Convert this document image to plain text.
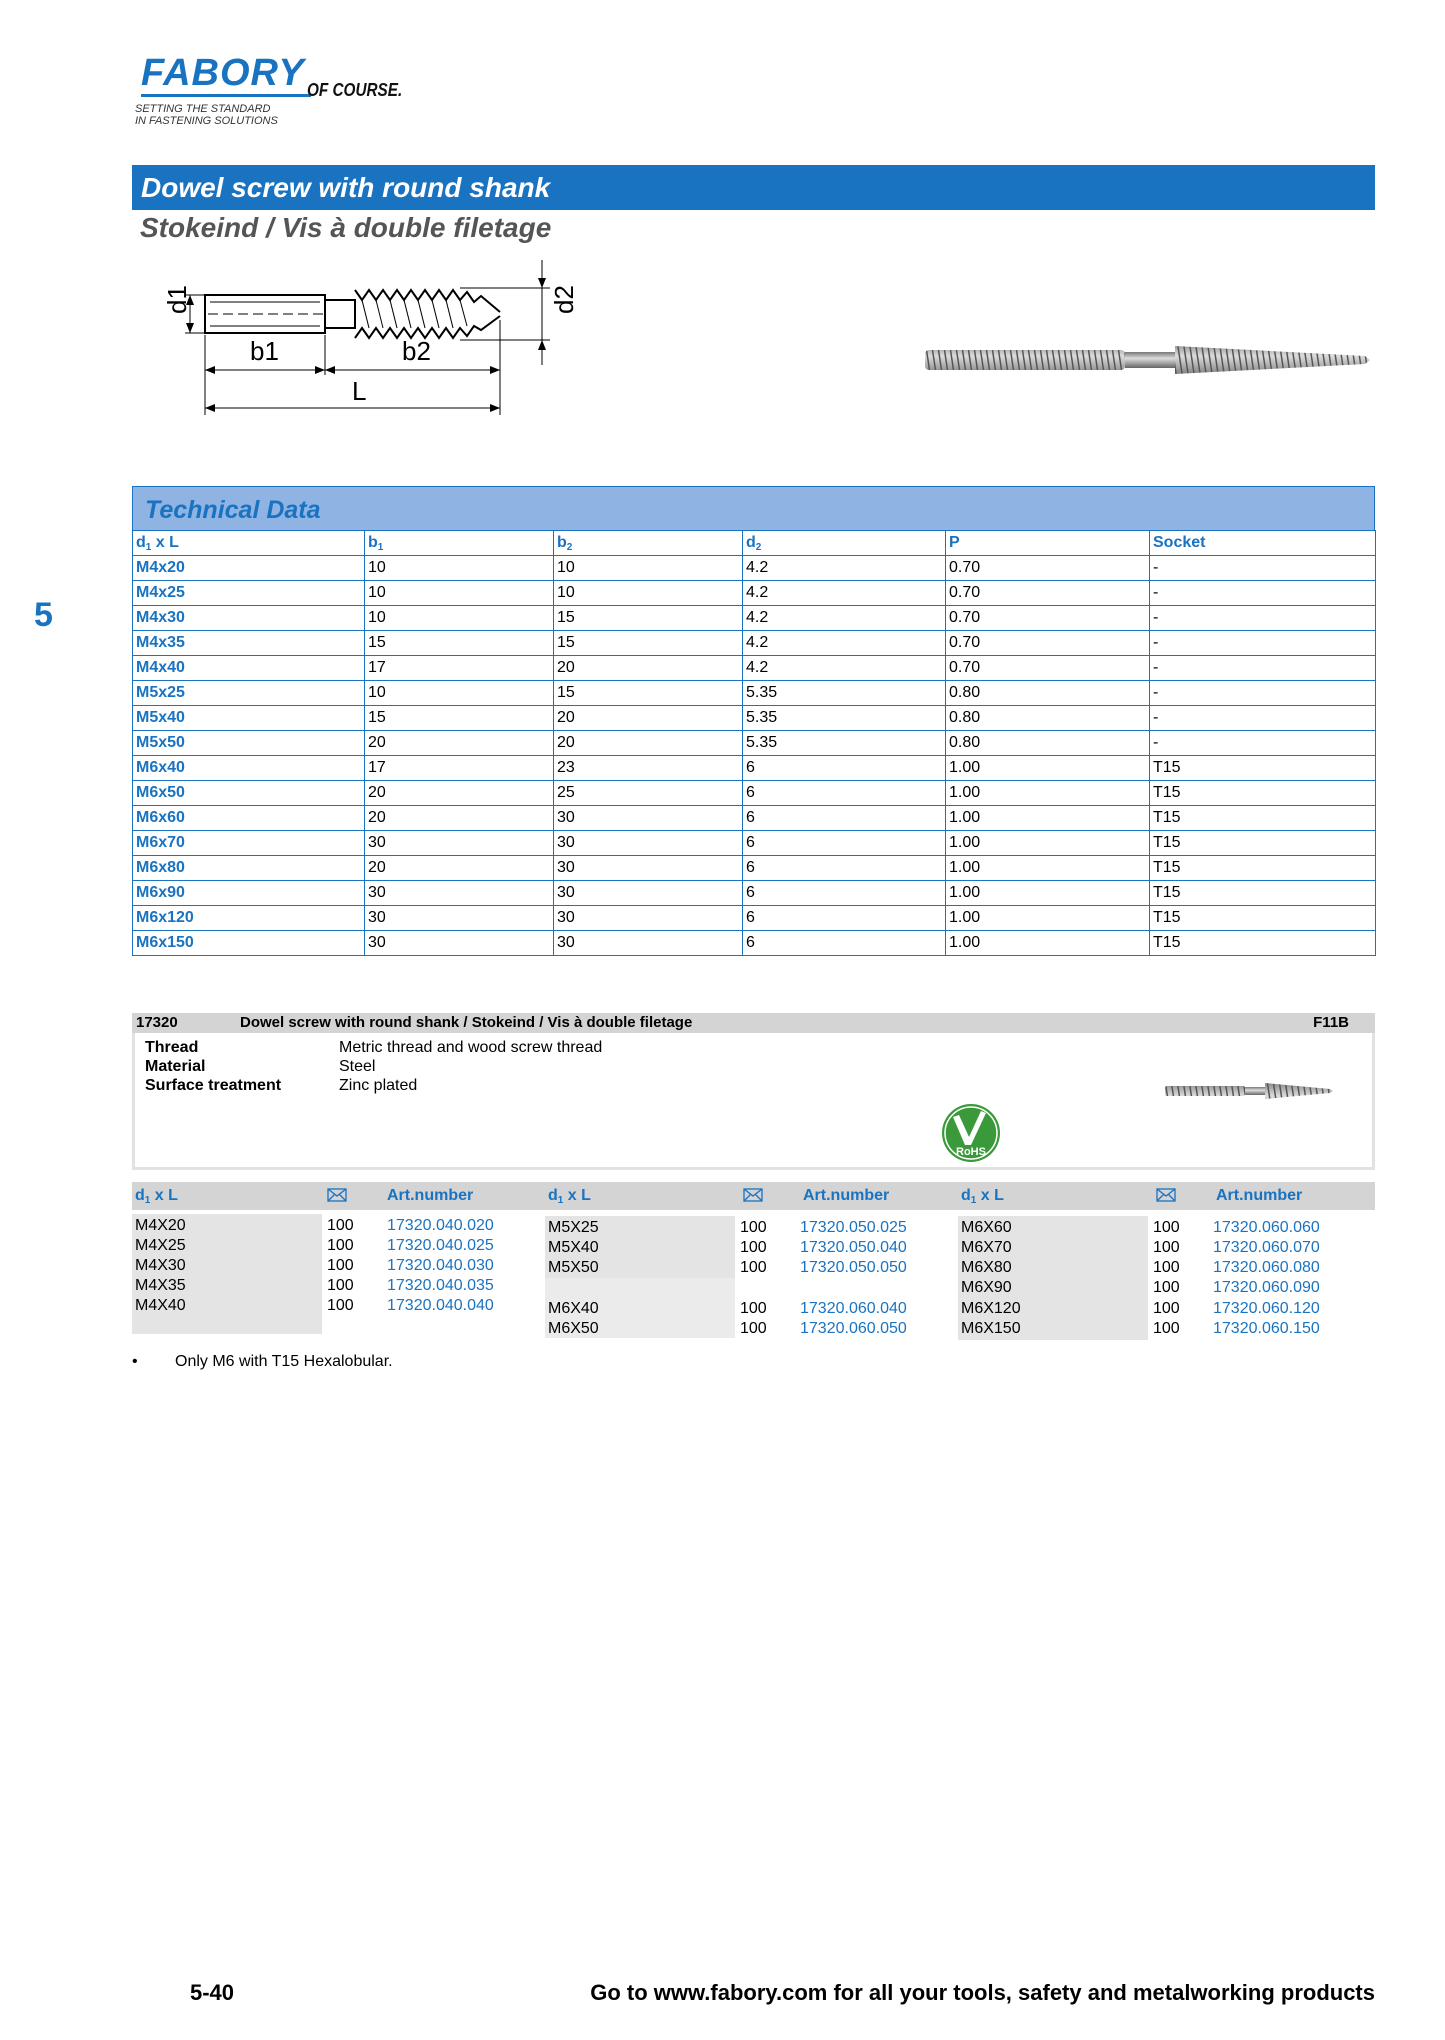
FABORY OF COURSE.
SETTING THE STANDARD
IN FASTENING SOLUTIONS
Dowel screw with round shank
Stokeind / Vis à double filetage
d1
b1	b2
L
d2
5
Technical Data
$d_1$ x L	$b_1$	$b_2$	$d_2$	P	Socket
M4x20	10	10	4.2	0.70	-
M4x25	10	10	4.2	0.70	-
M4x30	10	15	4.2	0.70	-
M4x35	15	15	4.2	0.70	-
M4x40	17	20	4.2	0.70	-
M5x25	10	15	5.35	0.80	-
M5x40	15	20	5.35	0.80	-
M5x50	20	20	5.35	0.80	-
M6x40	17	23	6	1.00	T15
M6x50	20	25	6	1.00	T15
M6x60	20	30	6	1.00	T15
M6x70	30	30	6	1.00	T15
M6x80	20	30	6	1.00	T15
M6x90	30	30	6	1.00	T15
M6x120	30	30	6	1.00	T15
M6x150	30	30	6	1.00	T15
17320	Dowel screw with round shank / Stokeind / Vis à double filetage	F11B
Thread	Metric thread and wood screw thread
Material	Steel
Surface treatment	Zinc plated
RoHS
$d_1$ x L	Art.number	$d_1$ x L	Art.number	$d_1$ x L	Art.number
M4X20	100 17320.040.020
M4X25	100 17320.040.025
M4X30	100 17320.040.030
M4X35	100 17320.040.035
M4X40	100 17320.040.040
M5X25	100 17320.050.025
M5X40	100 17320.050.040
M5X50	100 17320.050.050
M6X40	100 17320.060.040
M6X50	100 17320.060.050
M6X60	100 17320.060.060
M6X70	100 17320.060.070
M6X80	100 17320.060.080
M6X90	100 17320.060.090
M6X120	100 17320.060.120
M6X150	100 17320.060.150
• Only M6 with T15 Hexalobular.
5-40	Go to www.fabory.com for all your tools, safety and metalworking products
